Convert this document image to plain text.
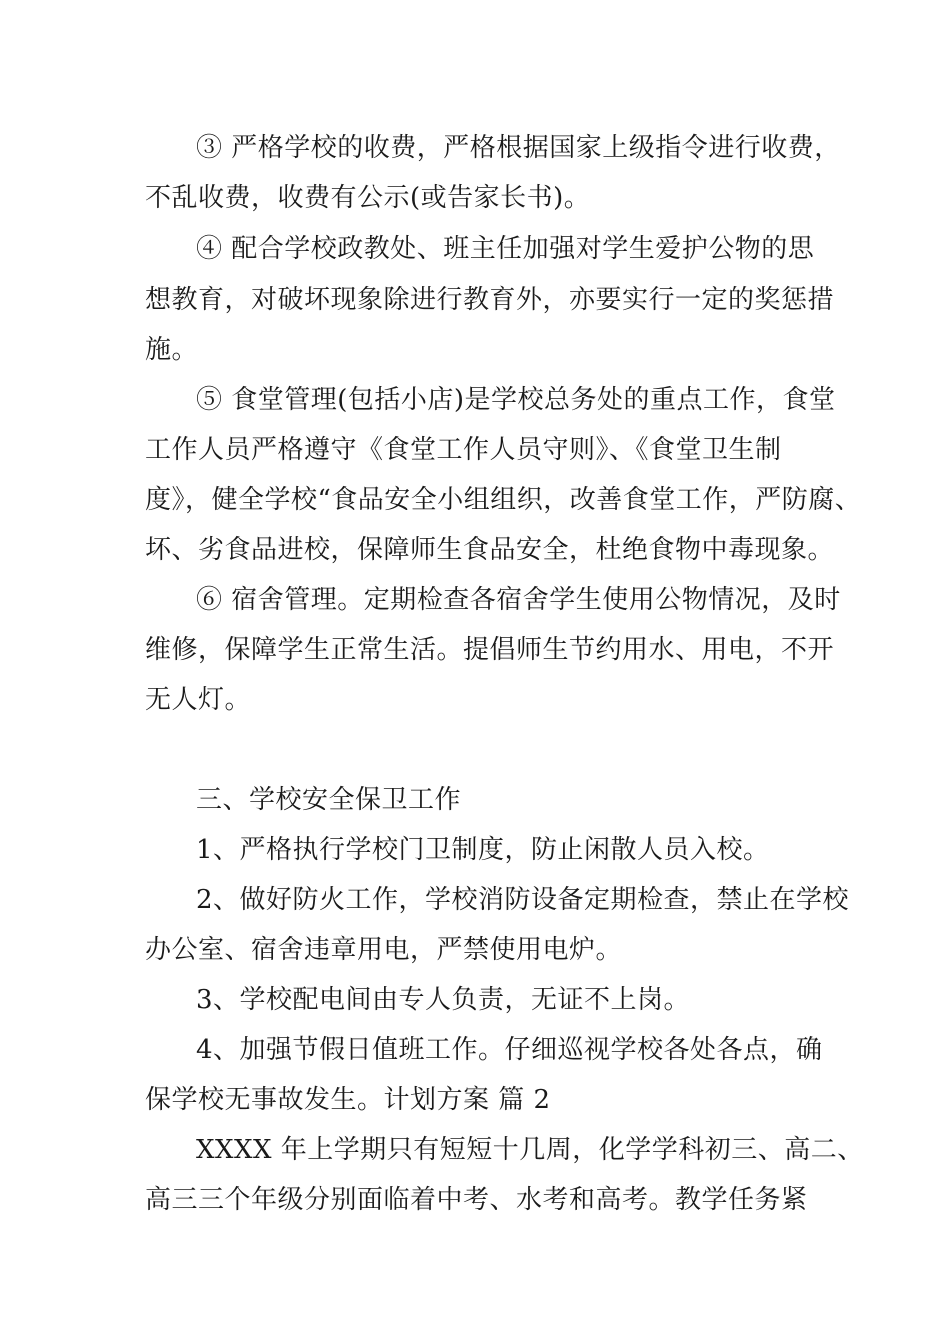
③ 严格学校的收费，严格根据国家上级指令进行收费，
不乱收费，收费有公示(或告家长书)。
④ 配合学校政教处、班主任加强对学生爱护公物的思
想教育，对破坏现象除进行教育外，亦要实行一定的奖惩措
施。
⑤ 食堂管理(包括小店)是学校总务处的重点工作，食堂
工作人员严格遵守《食堂工作人员守则》、《食堂卫生制
度》，健全学校“食品安全小组组织，改善食堂工作，严防腐、
坏、劣食品进校，保障师生食品安全，杜绝食物中毒现象。
⑥ 宿舍管理。定期检查各宿舍学生使用公物情况，及时
维修，保障学生正常生活。提倡师生节约用水、用电，不开
无人灯。
三、学校安全保卫工作
1、严格执行学校门卫制度，防止闲散人员入校。
2、做好防火工作，学校消防设备定期检查，禁止在学校
办公室、宿舍违章用电，严禁使用电炉。
3、学校配电间由专人负责，无证不上岗。
4、加强节假日值班工作。仔细巡视学校各处各点，确
保学校无事故发生。计划方案 篇 2
XXXX 年上学期只有短短十几周，化学学科初三、高二、
高三三个年级分别面临着中考、水考和高考。教学任务紧
